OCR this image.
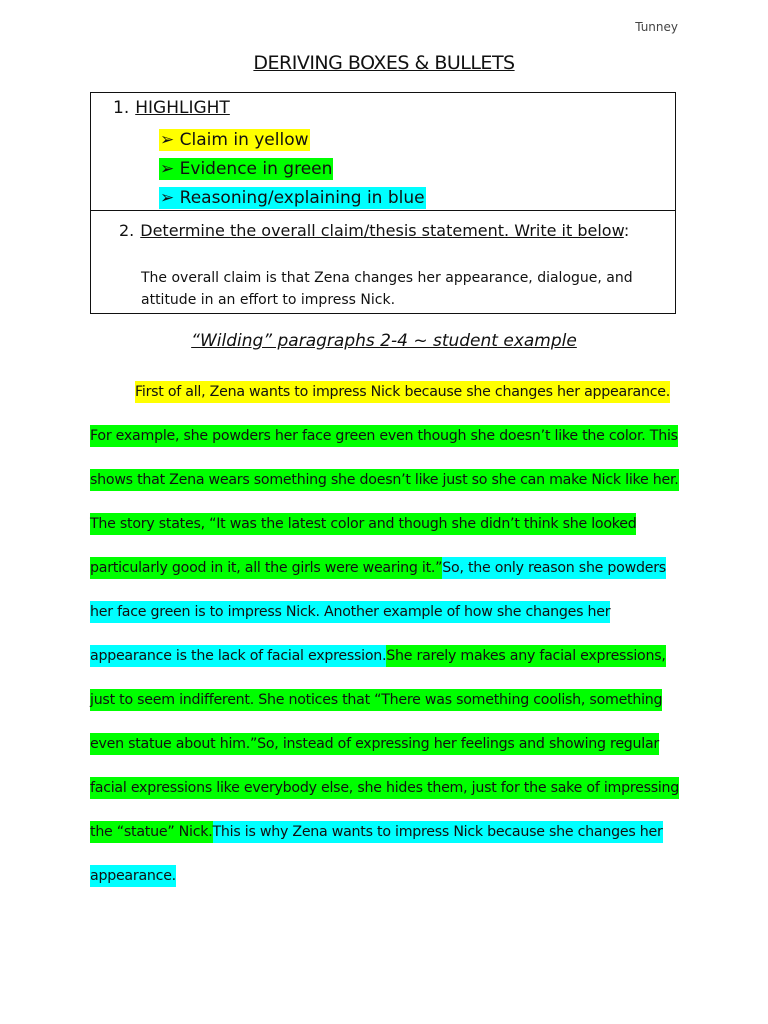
Tunney
DERIVING BOXES & BULLETS
1. HIGHLIGHT
➢ Claim in yellow
➢ Evidence in green
➢ Reasoning/explaining in blue
2. Determine the overall claim/thesis statement. Write it below:
The overall claim is that Zena changes her appearance, dialogue, and attitude in an effort to impress Nick.
“Wilding” paragraphs 2-4 ~ student example
First of all, Zena wants to impress Nick because she changes her appearance.
For example, she powders her face green even though she doesn’t like the color. This
shows that Zena wears something she doesn’t like just so she can make Nick like her.
The story states, “It was the latest color and though she didn’t think she looked
particularly good in it, all the girls were wearing it.” So, the only reason she powders
her face green is to impress Nick. Another example of how she changes her
appearance is the lack of facial expression. She rarely makes any facial expressions,
just to seem indifferent. She notices that “There was something coolish, something
even statue about him.” So, instead of expressing her feelings and showing regular
facial expressions like everybody else, she hides them, just for the sake of impressing
the “statue” Nick. This is why Zena wants to impress Nick because she changes her
appearance.
